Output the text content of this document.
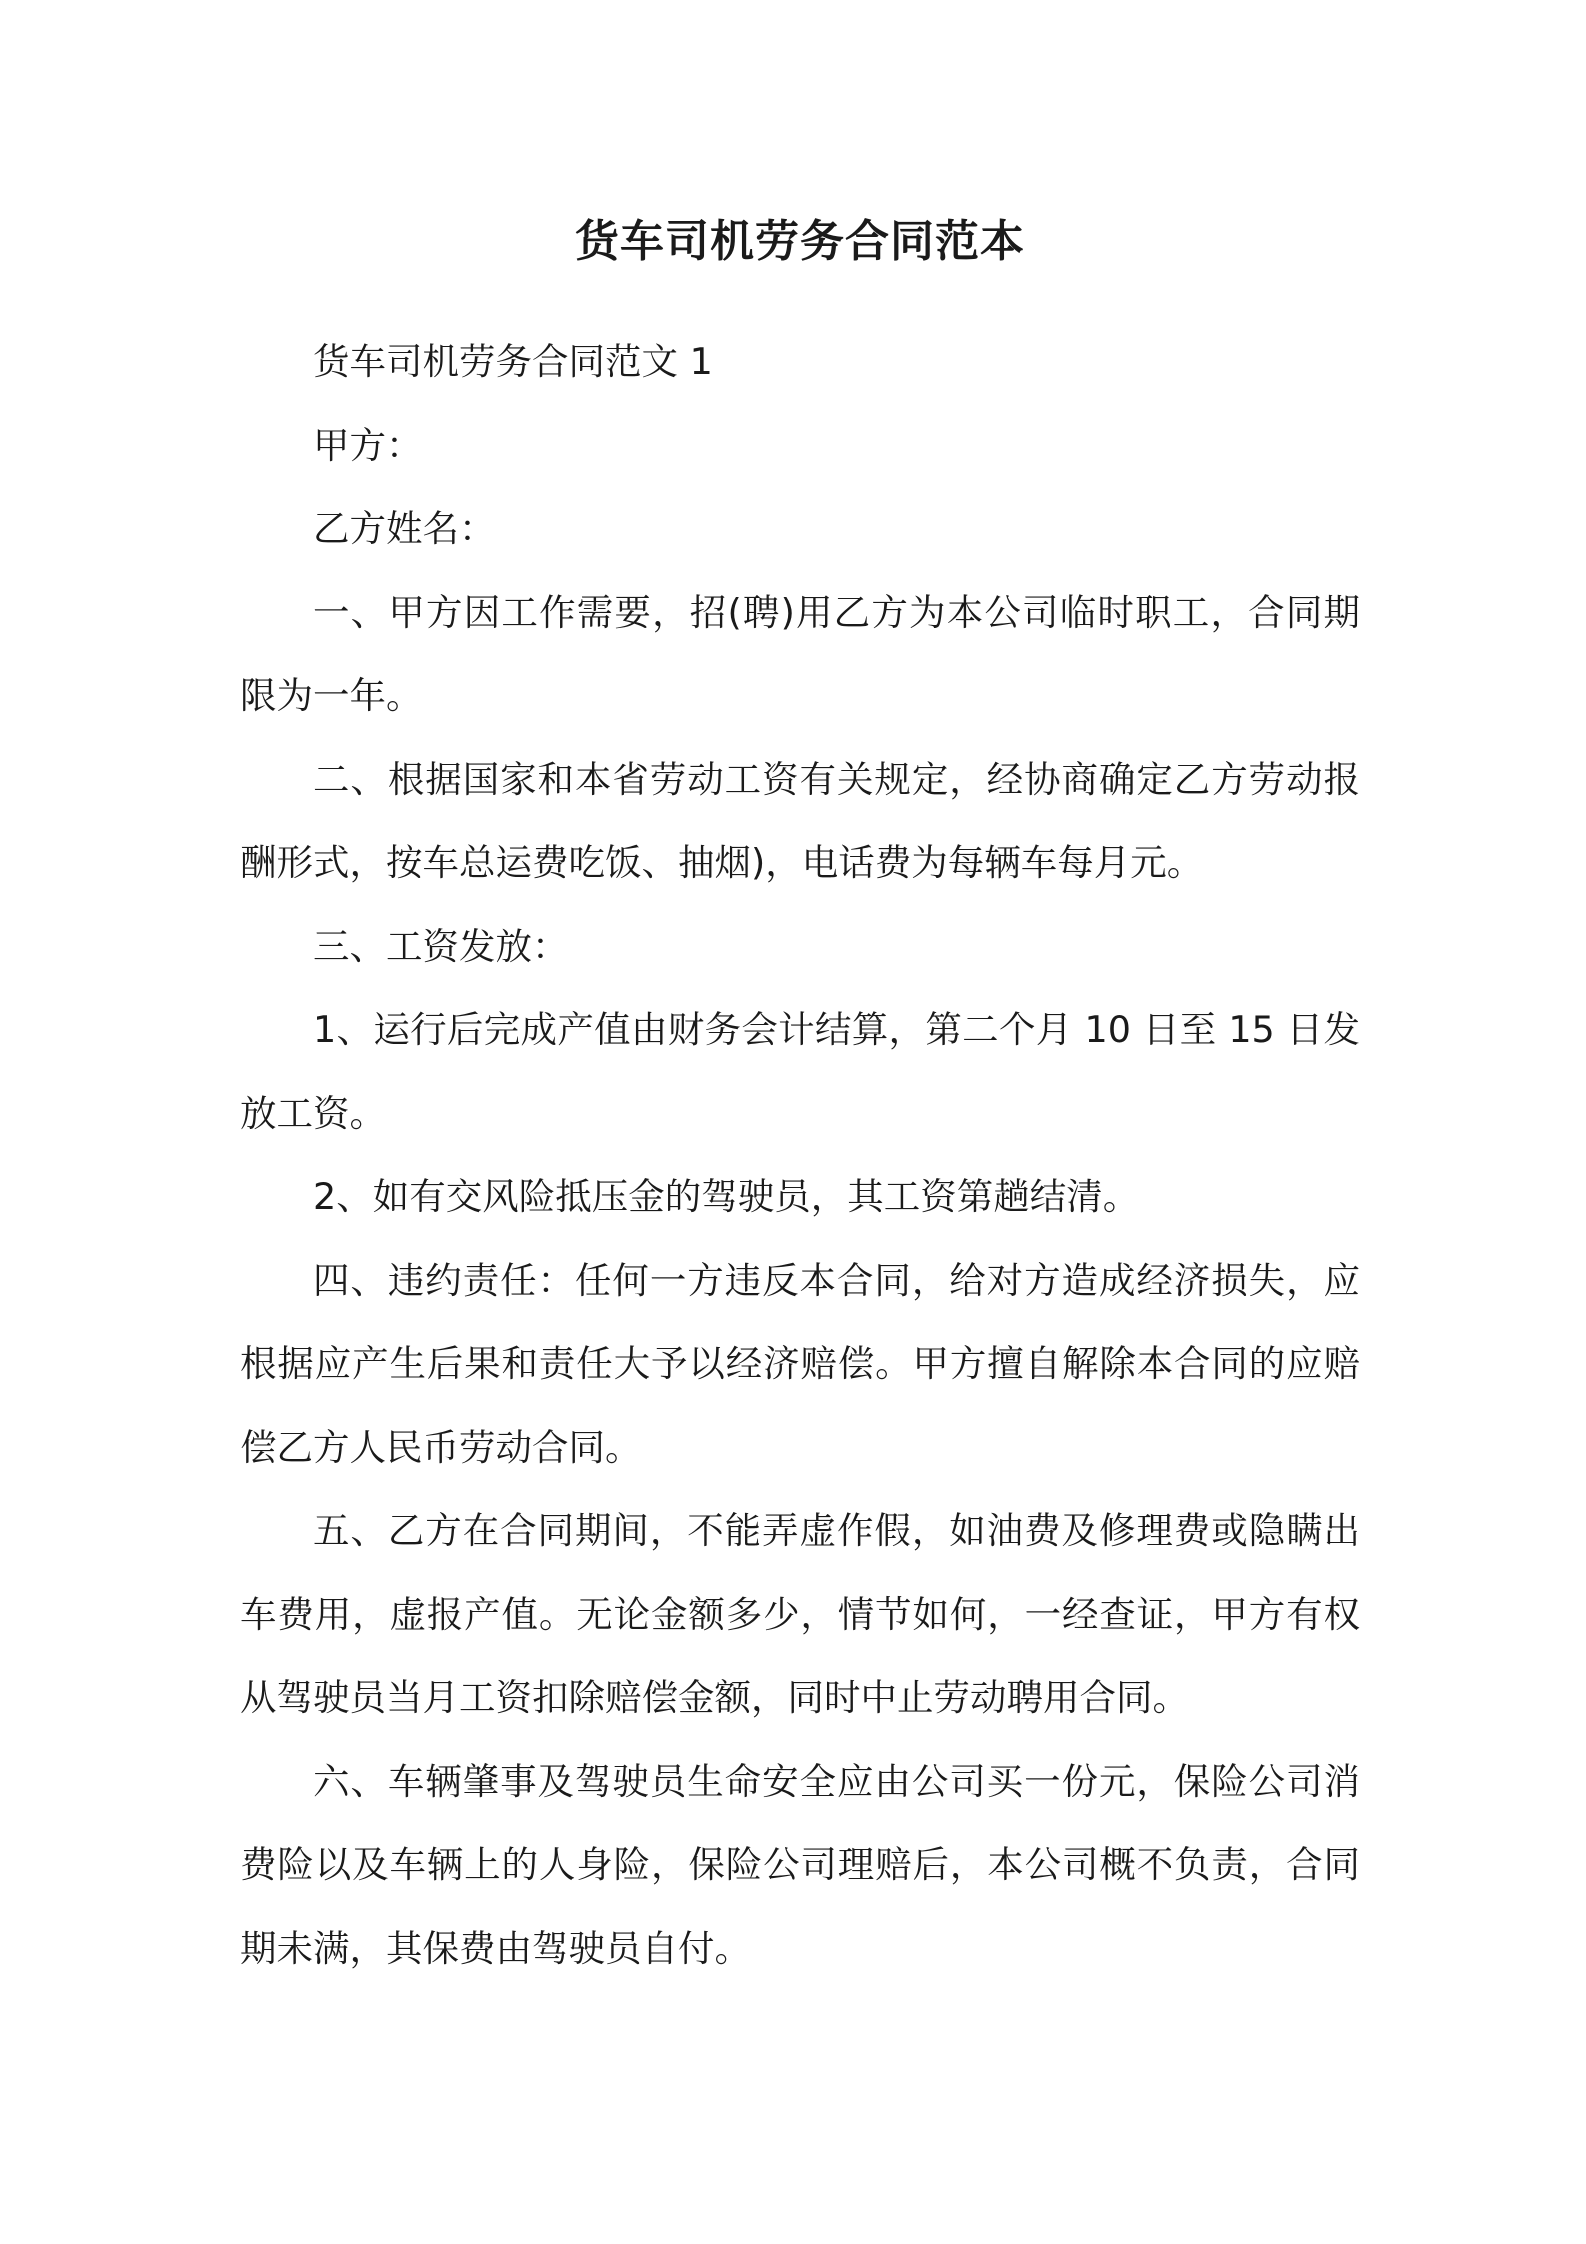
货车司机劳务合同范本

货车司机劳务合同范文 1

甲方：

乙方姓名：

一、甲方因工作需要，招(聘)用乙方为本公司临时职工，合同期限为一年。

二、根据国家和本省劳动工资有关规定，经协商确定乙方劳动报酬形式，按车总运费吃饭、抽烟)，电话费为每辆车每月元。

三、工资发放：

1、运行后完成产值由财务会计结算，第二个月 10 日至 15 日发放工资。

2、如有交风险抵压金的驾驶员，其工资第趟结清。

四、违约责任：任何一方违反本合同，给对方造成经济损失，应根据应产生后果和责任大予以经济赔偿。甲方擅自解除本合同的应赔偿乙方人民币劳动合同。

五、乙方在合同期间，不能弄虚作假，如油费及修理费或隐瞒出车费用，虚报产值。无论金额多少，情节如何，一经查证，甲方有权从驾驶员当月工资扣除赔偿金额，同时中止劳动聘用合同。

六、车辆肇事及驾驶员生命安全应由公司买一份元，保险公司消费险以及车辆上的人身险，保险公司理赔后，本公司概不负责，合同期未满，其保费由驾驶员自付。
